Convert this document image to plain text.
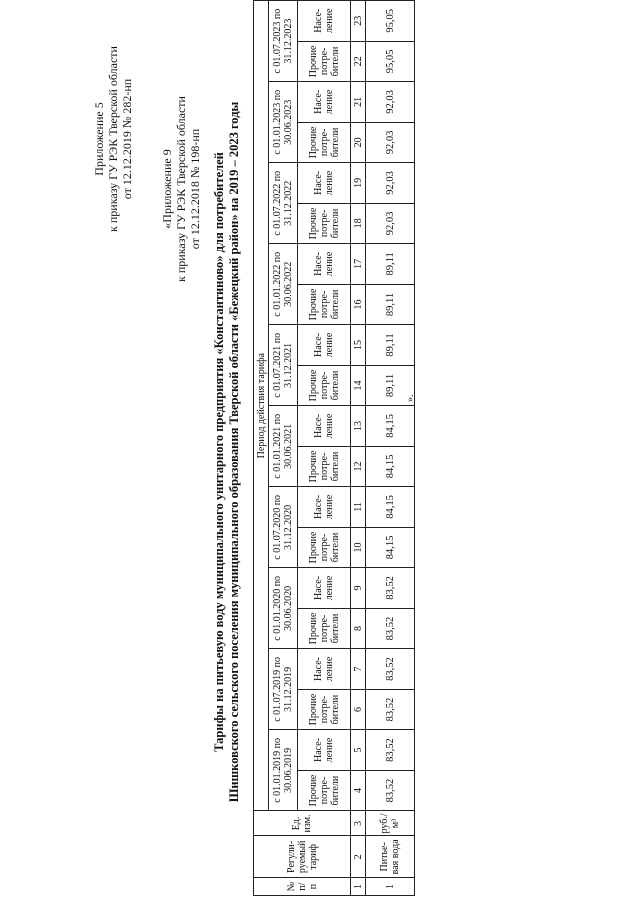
Приложение 5 к приказу ГУ РЭК Тверской области от 12.12.2019 № 282-нп «Приложение 9 к приказу ГУ РЭК Тверской области от 12.12.2018 № 198-нп Тарифы на питьевую воду муниципального унитарного предприятия «Константиново» для потребителей Шишковского сельского поселения муниципального образования Тверской области «Бежецкий район» на 2019 – 2023 годы
№ п/п	Регули-руемый тариф	Ед. изм.	Период действия тарифа																			
			с 01.01.2019 по 30.06.2019		с 01.07.2019 по 31.12.2019		с 01.01.2020 по 30.06.2020		с 01.07.2020 по 31.12.2020		с 01.01.2021 по 30.06.2021		с 01.07.2021 по 31.12.2021		с 01.01.2022 по 30.06.2022		с 01.07.2022 по 31.12.2022		с 01.01.2023 по 30.06.2023		с 01.07.2023 по 31.12.2023	
			Прочие потре-бители	Насе-ление	Прочие потре-бители	Насе-ление	Прочие потре-бители	Насе-ление	Прочие потре-бители	Насе-ление	Прочие потре-бители	Насе-ление	Прочие потре-бители	Насе-ление	Прочие потре-бители	Насе-ление	Прочие потре-бители	Насе-ление	Прочие потре-бители	Насе-ление	Прочие потре-бители	Насе-ление
1	2	3	4	5	6	7	8	9	10	11	12	13	14	15	16	17	18	19	20	21	22	23
1	Питье-вая вода	руб./м³	83,52	83,52	83,52	83,52	83,52	83,52	84,15	84,15	84,15	84,15	89,11	89,11	89,11	89,11	92,03	92,03	92,03	92,03	95,05	95,05
».
